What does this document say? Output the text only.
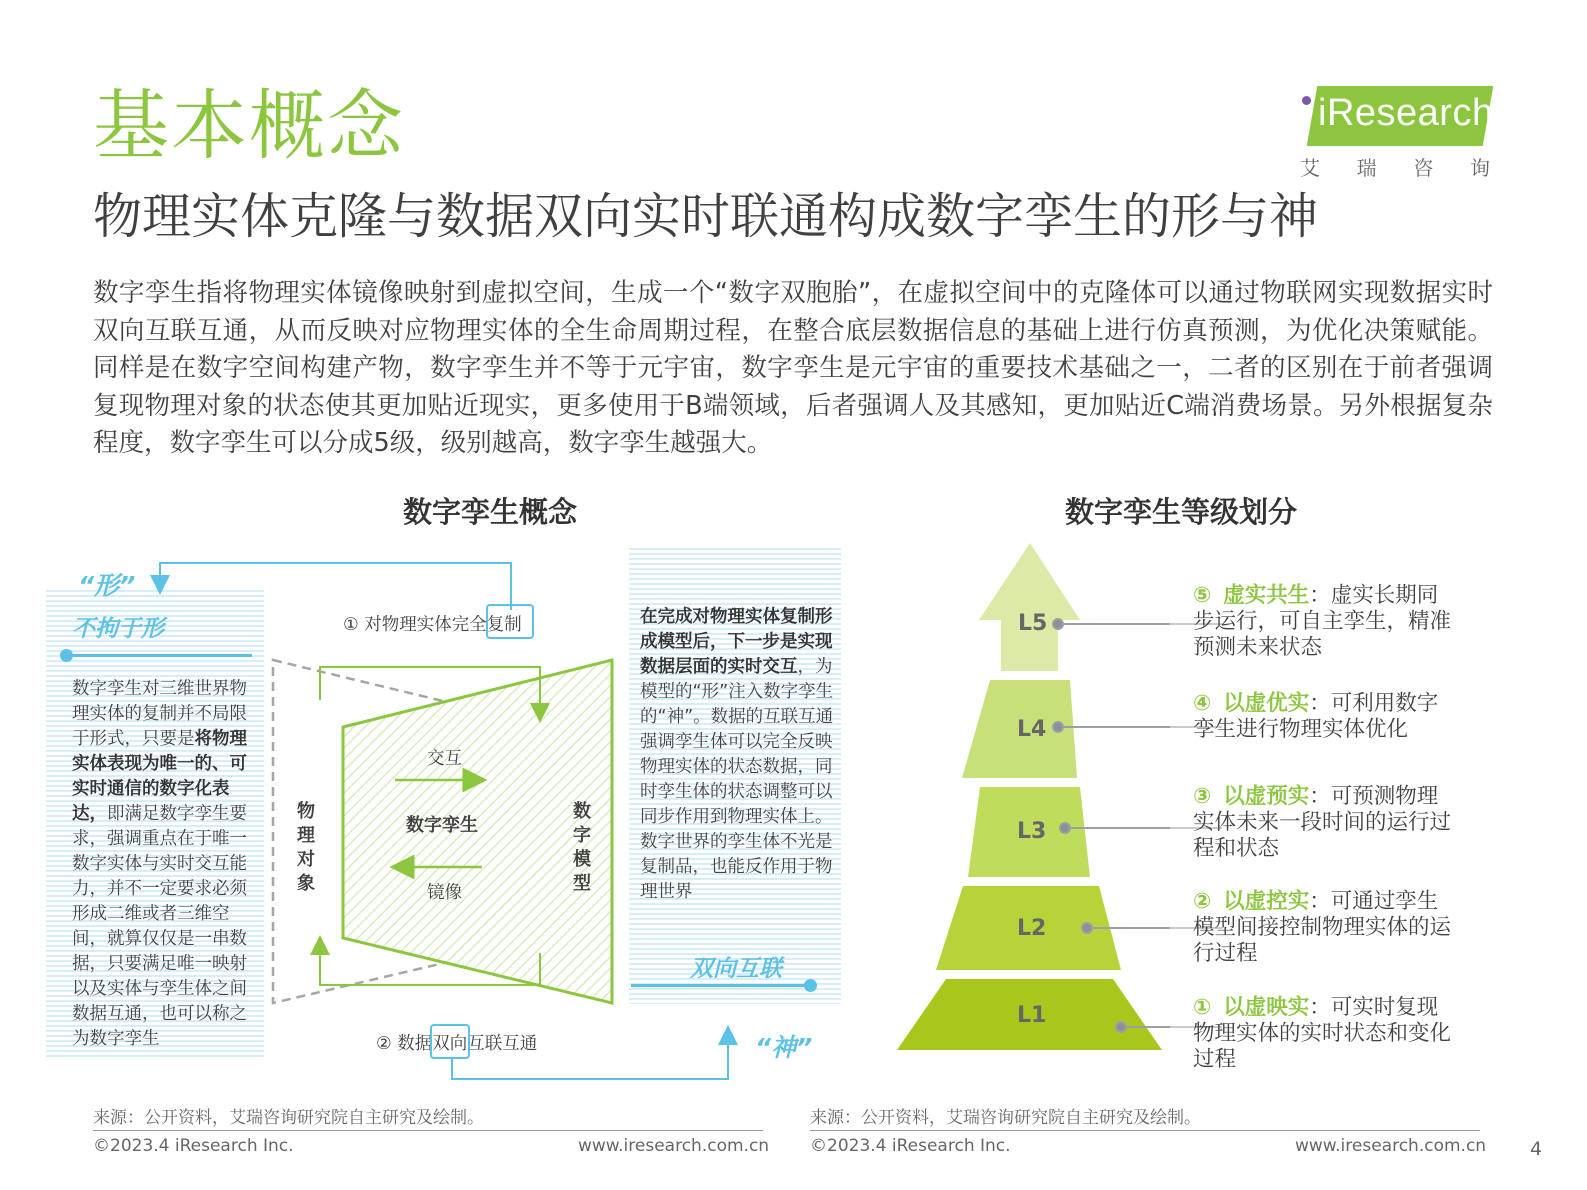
基本概念
物理实体克隆与数据双向实时联通构成数字孪生的形与神
iResearch
艾 瑞 咨 询
数字孪生指将物理实体镜像映射到虚拟空间，生成一个“数字双胞胎”，在虚拟空间中的克隆体可以通过物联网实现数据实时双向互联互通，从而反映对应物理实体的全生命周期过程，在整合底层数据信息的基础上进行仿真预测，为优化决策赋能。同样是在数字空间构建产物，数字孪生并不等于元宇宙，数字孪生是元宇宙的重要技术基础之一，二者的区别在于前者强调复现物理对象的状态使其更加贴近现实，更多使用于B端领域，后者强调人及其感知，更加贴近C端消费场景。另外根据复杂程度，数字孪生可以分成5级，级别越高，数字孪生越强大。
数字孪生概念	数字孪生等级划分
“形”
不拘于形
数字孪生对三维世界物理实体的复制并不局限于形式，只要是将物理实体表现为唯一的、可实时通信的数字化表达，即满足数字孪生要求，强调重点在于唯一数字实体与实时交互能力，并不一定要求必须形成二维或者三维空间，就算仅仅是一串数据，只要满足唯一映射以及实体与孪生体之间数据互通，也可以称之为数字孪生
在完成对物理实体复制形成模型后，下一步是实现数据层面的实时交互，为模型的“形”注入数字孪生的“神”。数据的互联互通强调孪生体可以完全反映物理实体的状态数据，同时孪生体的状态调整可以同步作用到物理实体上。数字世界的孪生体不光是复制品，也能反作用于物理世界
双向互联
“神”
① 对物理实体完全复制
② 数据双向互联互通
交互
数字孪生
镜像
物理对象
数字模型
L5
L4
L3
L2
L1
⑤ 虚实共生：虚实长期同步运行，可自主孪生，精准预测未来状态
④ 以虚优实：可利用数字孪生进行物理实体优化
③ 以虚预实：可预测物理实体未来一段时间的运行过程和状态
② 以虚控实：可通过孪生模型间接控制物理实体的运行过程
① 以虚映实：可实时复现物理实体的实时状态和变化过程
来源：公开资料，艾瑞咨询研究院自主研究及绘制。	来源：公开资料，艾瑞咨询研究院自主研究及绘制。
©2023.4 iResearch Inc.	www.iresearch.com.cn ©2023.4 iResearch Inc.	www.iresearch.com.cn 4
